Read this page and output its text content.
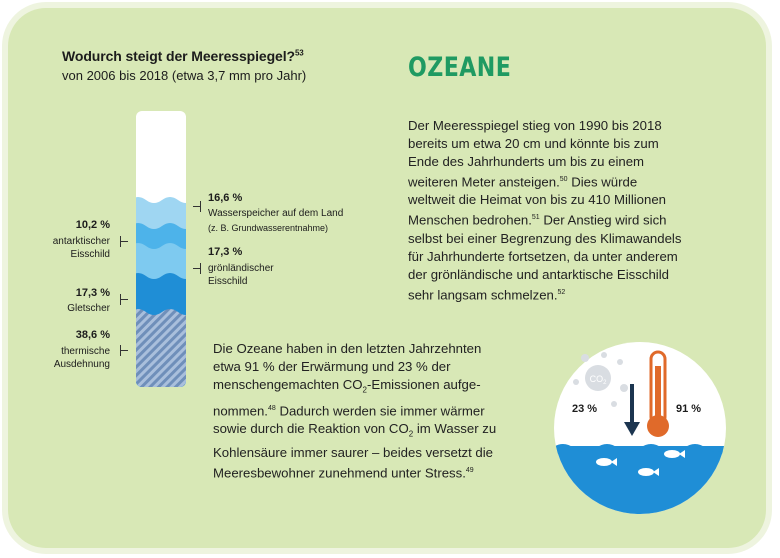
Wodurch steigt der Meeresspiegel?$^{53}$
von 2006 bis 2018 (etwa 3,7 mm pro Jahr)
10,2 %
antarktischer
Eisschild
17,3 %
Gletscher
38,6 %
thermische
Ausdehnung
16,6 %
Wasserspeicher auf dem Land
(z. B. Grundwasserentnahme)
17,3 %
grönländischer
Eisschild
OZEANE
Der Meeresspiegel stieg von 1990 bis 2018
bereits um etwa 20 cm und könnte bis zum
Ende des Jahrhunderts um bis zu einem
weiteren Meter ansteigen.$^{50}$ Dies würde
weltweit die Heimat von bis zu 410 Millionen
Menschen bedrohen.$^{51}$ Der Anstieg wird sich
selbst bei einer Begrenzung des Klimawandels
für Jahrhunderte fortsetzen, da unter anderem
der grönländische und antarktische Eisschild
sehr langsam schmelzen.$^{52}$
Die Ozeane haben in den letzten Jahrzehnten
etwa 91 % der Erwärmung und 23 % der
menschengemachten $CO_2$-Emissionen aufge-
nommen.$^{48}$ Dadurch werden sie immer wärmer
sowie durch die Reaktion von $CO_2$ im Wasser zu
Kohlensäure immer saurer – beides versetzt die
Meeresbewohner zunehmend unter Stress.$^{49}$
$CO_2$
23 %	91 %
